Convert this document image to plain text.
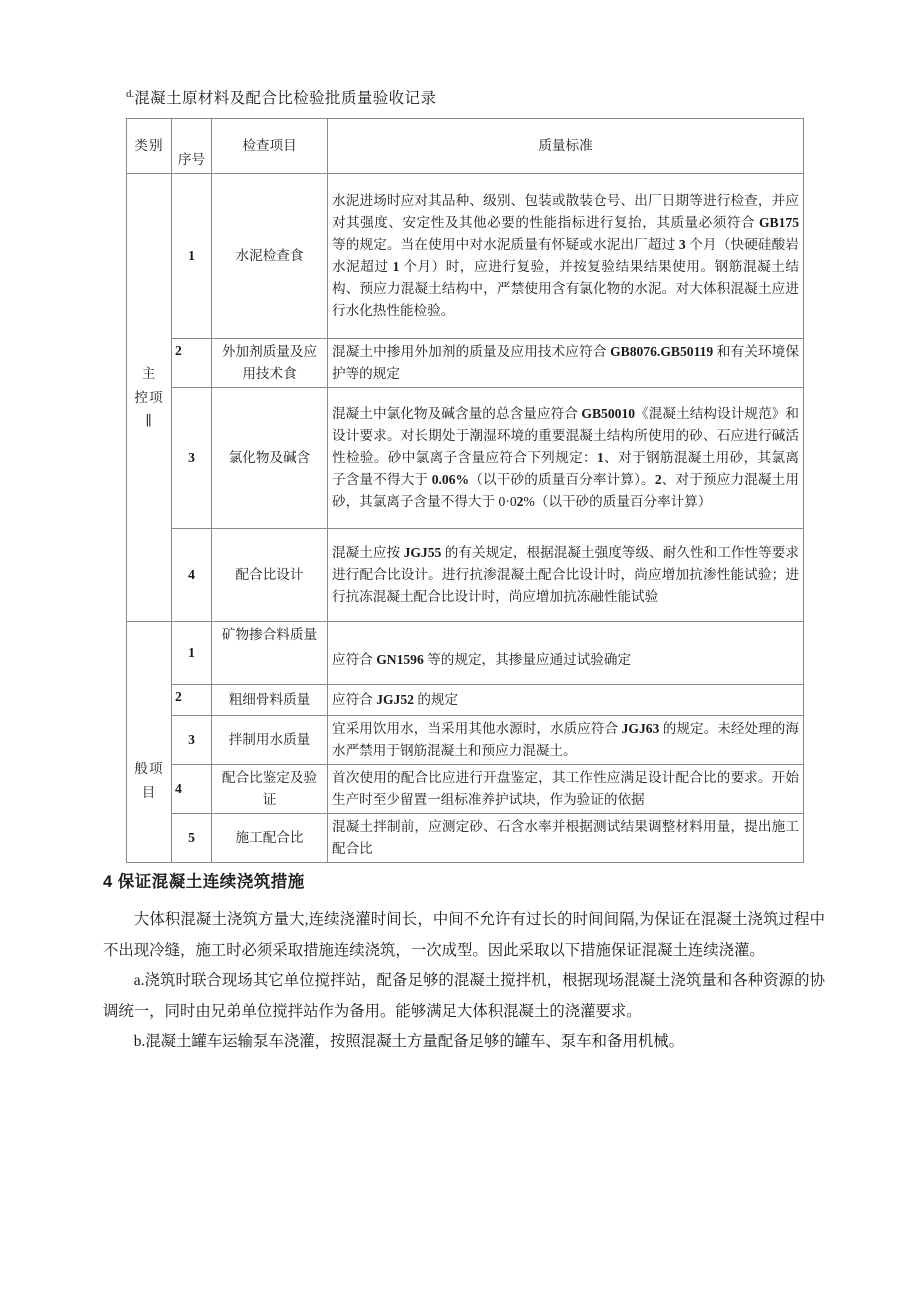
$^{d.}$混凝土原材料及配合比检验批质量验收记录
类别	序号	检查项目	质量标准

主
控项
∥	1	水泥检查食	水泥进场时应对其品种、级别、包装或散装仓号、出厂日期等进行检查，并应对其强度、安定性及其他必要的性能指标进行复抬，其质量必须符合 GB175 等的规定。当在使用中对水泥质量有怀疑或水泥出厂超过 3 个月（快硬硅酸岩水泥超过 1 个月）时，应进行复验，并按复验结果结果使用。钢筋混凝土结构、预应力混凝土结构中，严禁使用含有氯化物的水泥。对大体积混凝土应进行水化热性能检验。
	2	外加剂质量及应用技术食	混凝土中掺用外加剂的质量及应用技术应符合 GB8076.GB50119 和有关环境保护等的规定
	3	氯化物及碱含	混凝土中氯化物及碱含量的总含量应符合 GB50010《混凝土结构设计规范》和设计要求。对长期处于潮湿环境的重要混凝土结构所使用的砂、石应进行碱活性检验。砂中氯离子含量应符合下列规定：1、对于钢筋混凝土用砂，其氯离子含量不得大于 0.06%（以干砂的质量百分率计算）。2、对于预应力混凝土用砂，其氯离子含量不得大于 0·02%（以干砂的质量百分率计算）
	4	配合比设计	混凝土应按 JGJ55 的有关规定，根据混凝土强度等级、耐久性和工作性等要求进行配合比设计。进行抗渗混凝土配合比设计时，尚应增加抗渗性能试验；进行抗冻混凝土配合比设计时，尚应增加抗冻融性能试验

般项
目	1	矿物掺合料质量	应符合 GN1596 等的规定，其掺量应通过试验确定
	2	粗细骨料质量	应符合 JGJ52 的规定
	3	拌制用水质量	宜采用饮用水，当采用其他水源时，水质应符合 JGJ63 的规定。未经处理的海水严禁用于钢筋混凝土和预应力混凝土。
	4	配合比鉴定及验证	首次使用的配合比应进行开盘鉴定，其工作性应满足设计配合比的要求。开始生产时至少留置一组标准养护试块，作为验证的依据
	5	施工配合比	混凝土拌制前，应测定砂、石含水率并根据测试结果调整材料用量，提出施工配合比
4 保证混凝土连续浇筑措施

大体积混凝土浇筑方量大,连续浇灌时间长，中间不允许有过长的时间间隔,为保证在混凝土浇筑过程中不出现冷缝，施工时必须采取措施连续浇筑，一次成型。因此采取以下措施保证混凝土连续浇灌。

a.浇筑时联合现场其它单位搅拌站，配备足够的混凝土搅拌机，根据现场混凝土浇筑量和各种资源的协调统一，同时由兄弟单位搅拌站作为备用。能够满足大体积混凝土的浇灌要求。

b.混凝土罐车运输泵车浇灌，按照混凝土方量配备足够的罐车、泵车和备用机械。
